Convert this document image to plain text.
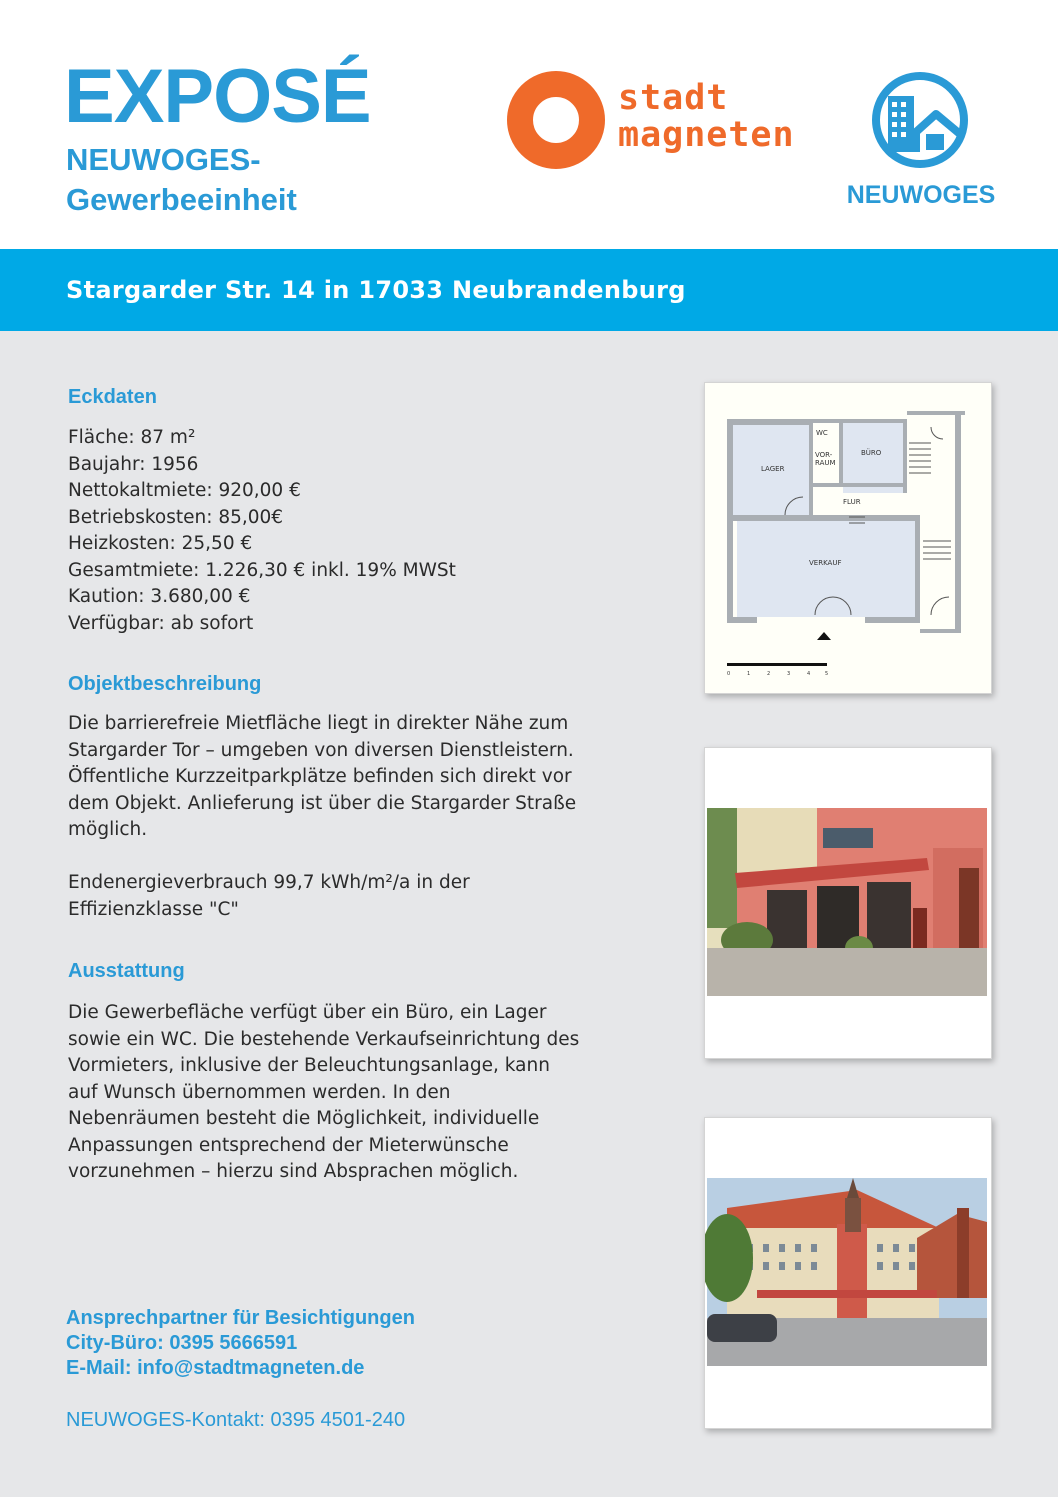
EXPOSÉ
NEUWOGES-
Gewerbeeinheit
stadt
magneten
NEUWOGES
Stargarder Str. 14 in 17033 Neubrandenburg
Eckdaten
Fläche: 87 m²
Baujahr: 1956
Nettokaltmiete: 920,00 €
Betriebskosten: 85,00€
Heizkosten: 25,50 €
Gesamtmiete: 1.226,30 € inkl. 19% MWSt
Kaution: 3.680,00 €
Verfügbar: ab sofort
Objektbeschreibung
Die barrierefreie Mietfläche liegt in direkter Nähe zum
Stargarder Tor – umgeben von diversen Dienstleistern.
Öffentliche Kurzzeitparkplätze befinden sich direkt vor
dem Objekt. Anlieferung ist über die Stargarder Straße
möglich.
Endenergieverbrauch 99,7 kWh/m²/a in der
Effizienzklasse "C"
Ausstattung
Die Gewerbefläche verfügt über ein Büro, ein Lager
sowie ein WC. Die bestehende Verkaufseinrichtung des
Vormieters, inklusive der Beleuchtungsanlage, kann
auf Wunsch übernommen werden. In den
Nebenräumen besteht die Möglichkeit, individuelle
Anpassungen entsprechend der Mieterwünsche
vorzunehmen – hierzu sind Absprachen möglich.
Ansprechpartner für Besichtigungen
City-Büro: 0395 5666591
E-Mail: info@stadtmagneten.de
NEUWOGES-Kontakt: 0395 4501-240
LAGER
WC
VOR-
RAUM
BÜRO
FLUR
VERKAUF
0	1	2	3	4	5
